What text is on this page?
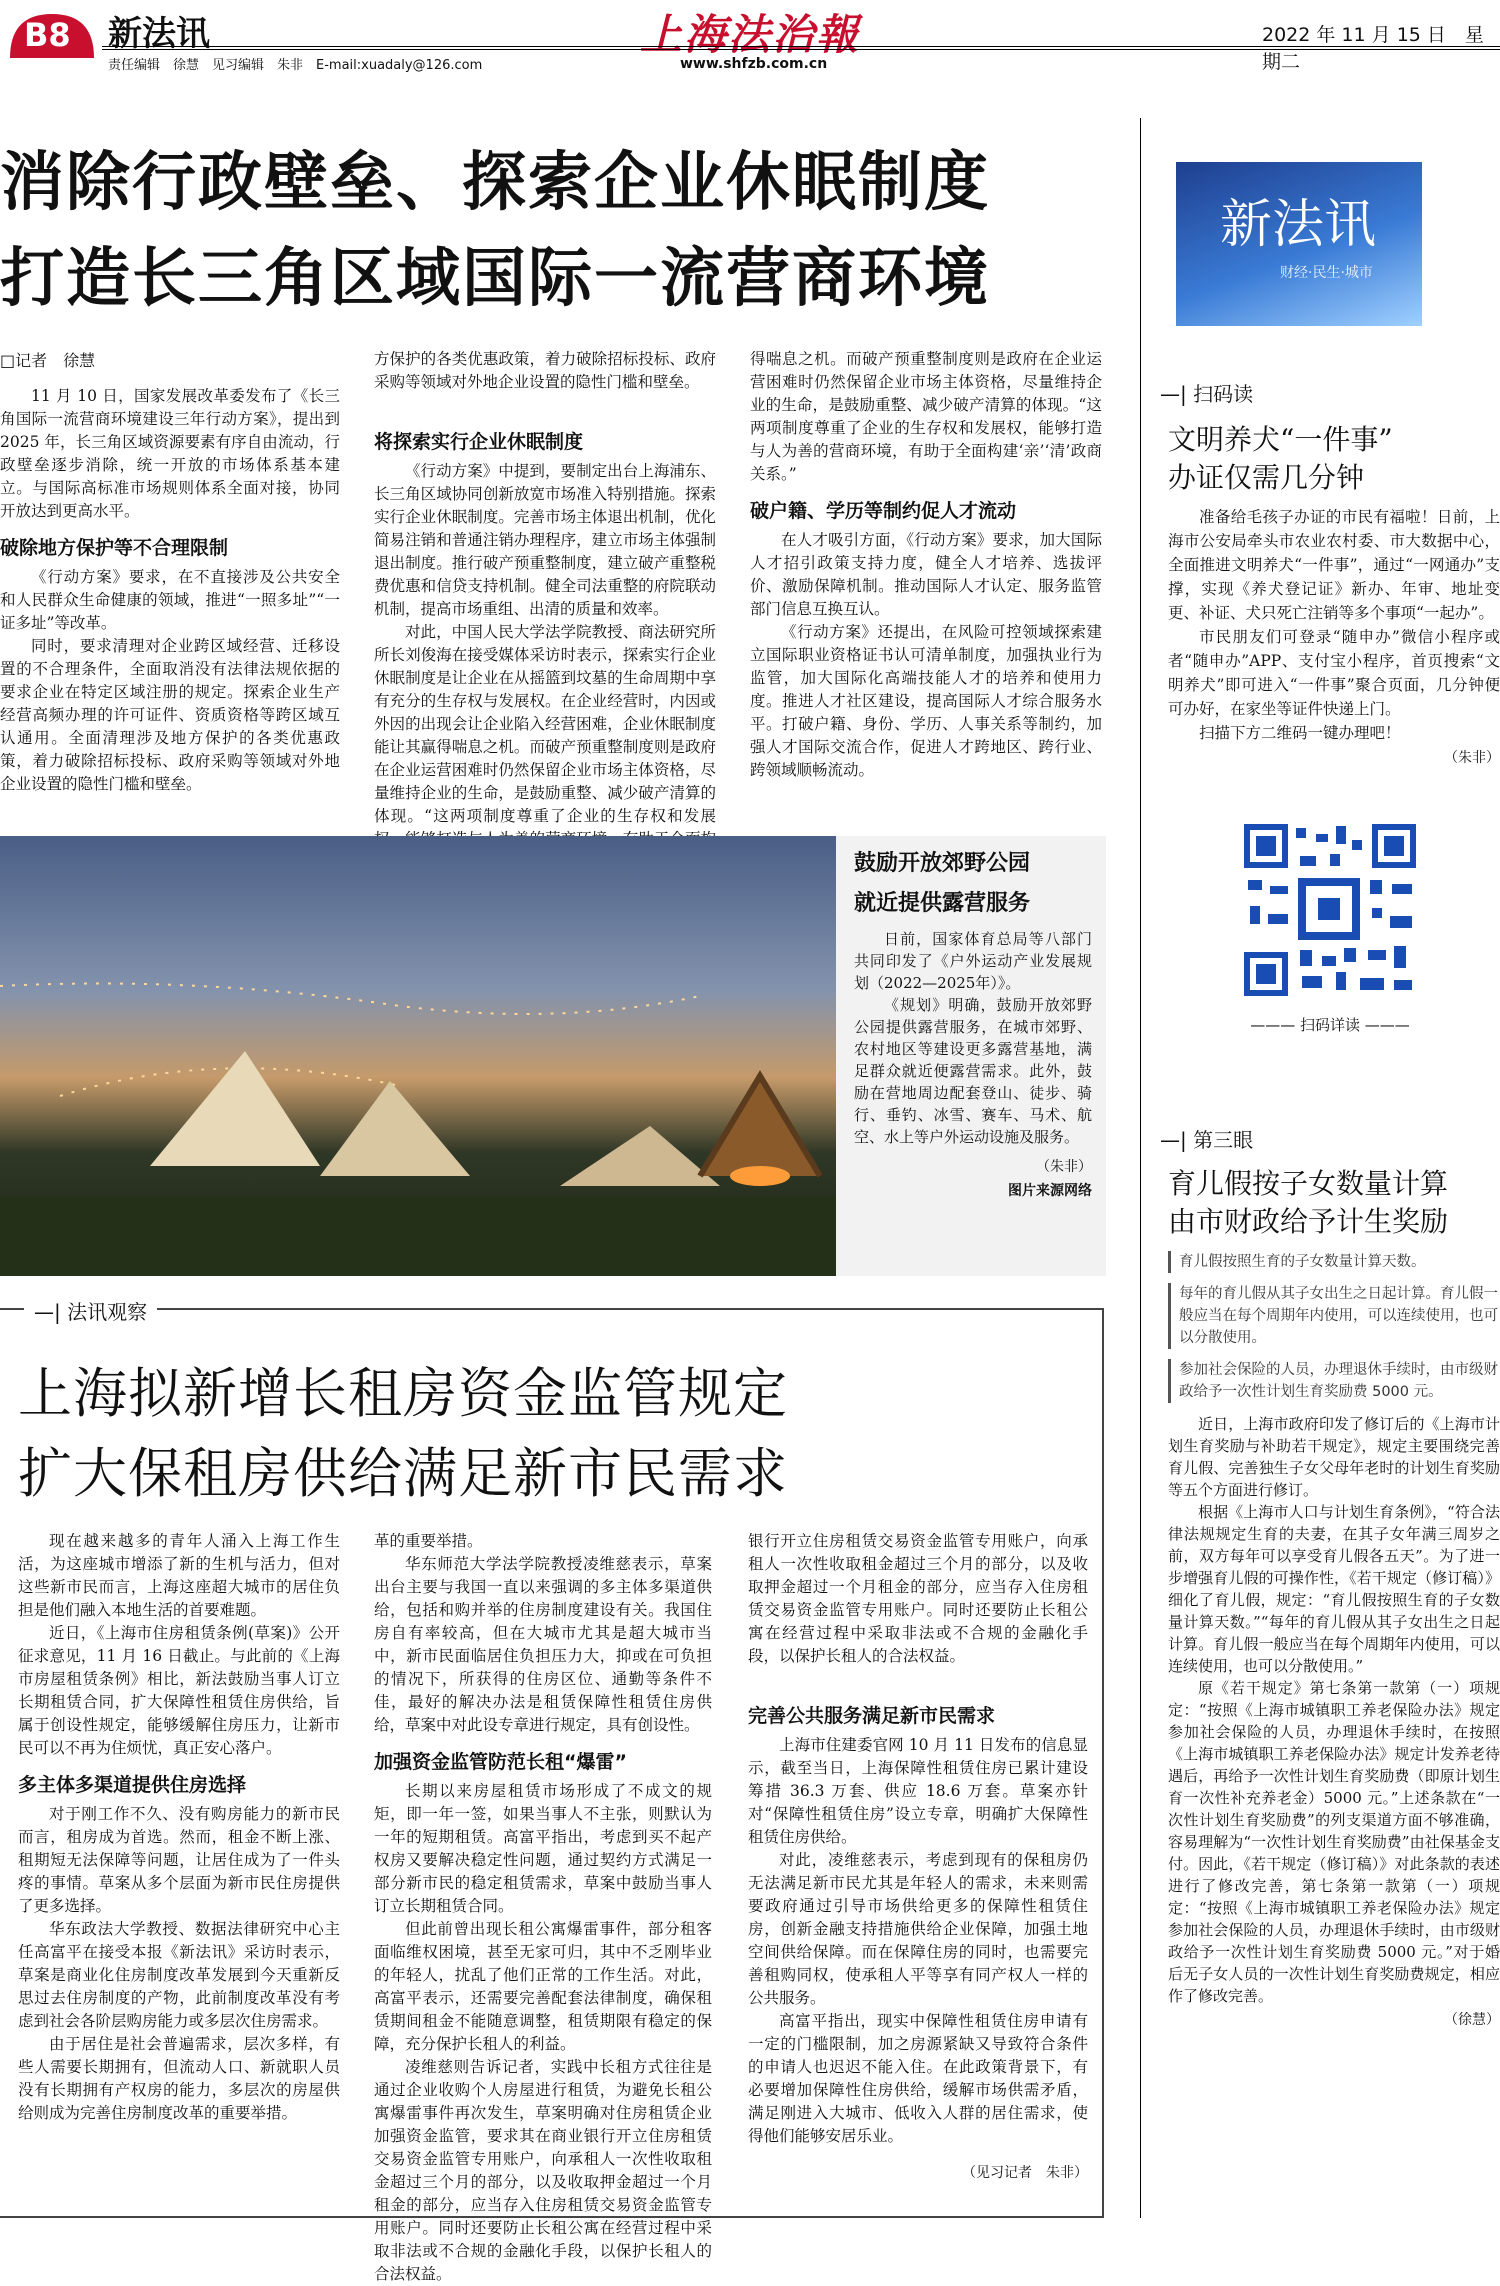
B8 新法讯
责任编辑　徐慧　见习编辑　朱非　E-mail:xuadaly@126.com
上海法治報
www.shfzb.com.cn
2022 年 11 月 15 日　星期二
消除行政壁垒、探索企业休眠制度
打造长三角区域国际一流营商环境
□记者　徐慧

11 月 10 日，国家发展改革委发布了《长三角国际一流营商环境建设三年行动方案》，提出到 2025 年，长三角区域资源要素有序自由流动，行政壁垒逐步消除，统一开放的市场体系基本建立。与国际高标准市场规则体系全面对接，协同开放达到更高水平。

破除地方保护等不合理限制

《行动方案》要求，在不直接涉及公共安全和人民群众生命健康的领域，推进“一照多址”“一证多址”等改革。

同时，要求清理对企业跨区域经营、迁移设置的不合理条件，全面取消没有法律法规依据的要求企业在特定区域注册的规定。探索企业生产经营高频办理的许可证件、资质资格等跨区域互认通用。全面清理涉及地方保护的各类优惠政策，着力破除招标投标、政府采购等领域对外地企业设置的隐性门槛和壁垒。

方保护的各类优惠政策，着力破除招标投标、政府采购等领域对外地企业设置的隐性门槛和壁垒。

将探索实行企业休眠制度

《行动方案》中提到，要制定出台上海浦东、长三角区域协同创新放宽市场准入特别措施。探索实行企业休眠制度。完善市场主体退出机制，优化简易注销和普通注销办理程序，建立市场主体强制退出制度。推行破产预重整制度，建立破产重整税费优惠和信贷支持机制。健全司法重整的府院联动机制，提高市场重组、出清的质量和效率。

对此，中国人民大学法学院教授、商法研究所所长刘俊海在接受媒体采访时表示，探索实行企业休眠制度是让企业在从摇篮到坟墓的生命周期中享有充分的生存权与发展权。在企业经营时，内因或外因的出现会让企业陷入经营困难，企业休眠制度能让其赢得喘息之机。而破产预重整制度则是政府在企业运营困难时仍然保留企业市场主体资格，尽量维持企业的生命，是鼓励重整、减少破产清算的体现。“这两项制度尊重了企业的生存权和发展

得喘息之机。而破产预重整制度则是政府在企业运营困难时仍然保留企业市场主体资格，尽量维持企业的生命，是鼓励重整、减少破产清算的体现。“这两项制度尊重了企业的生存权和发展权，能够打造与人为善的营商环境，有助于全面构建‘亲’‘清’政商关系。”

破户籍、学历等制约促人才流动

在人才吸引方面，《行动方案》要求，加大国际人才招引政策支持力度，健全人才培养、选拔评价、激励保障机制。推动国际人才认定、服务监管部门信息互换互认。

《行动方案》还提出，在风险可控领域探索建立国际职业资格证书认可清单制度，加强执业行为监管，加大国际化高端技能人才的培养和使用力度。推进人才社区建设，提高国际人才综合服务水平。打破户籍、身份、学历、人事关系等制约，加强人才国际交流合作，促进人才跨地区、跨行业、跨领域顺畅流动。

鼓励开放郊野公园
就近提供露营服务

日前，国家体育总局等八部门共同印发了《户外运动产业发展规划（2022—2025年）》。

《规划》明确，鼓励开放郊野公园提供露营服务，在城市郊野、农村地区等建设更多露营基地，满足群众就近便露营需求。此外，鼓励在营地周边配套登山、徒步、骑行、垂钓、冰雪、赛车、马术、航空、水上等户外运动设施及服务。

（朱非）
图片来源网络
—| 法讯观察
上海拟新增长租房资金监管规定
扩大保租房供给满足新市民需求

现在越来越多的青年人涌入上海工作生活，为这座城市增添了新的生机与活力，但对这些新市民而言，上海这座超大城市的居住负担是他们融入本地生活的首要难题。

近日，《上海市住房租赁条例(草案)》公开征求意见，11 月 16 日截止。与此前的《上海市房屋租赁条例》相比，新法鼓励当事人订立长期租赁合同，扩大保障性租赁住房供给，旨属于创设性规定，能够缓解住房压力，让新市民可以不再为住烦忧，真正安心落户。

多主体多渠道提供住房选择

对于刚工作不久、没有购房能力的新市民而言，租房成为首选。然而，租金不断上涨、租期短无法保障等问题，让居住成为了一件头疼的事情。草案从多个层面为新市民住房提供了更多选择。

华东政法大学教授、数据法律研究中心主任高富平在接受本报《新法讯》采访时表示，草案是商业化住房制度改革发展到今天重新反思过去住房制度的产物，此前制度改革没有考虑到社会各阶层购房能力或多层次住房需求。

由于居住是社会普遍需求，层次多样，有些人需要长期拥有，但流动人口、新就职人员没有长期拥有产权房的能力，多层次的房屋供给则成为完善住房制度改革的重要举措。

革的重要举措。

华东师范大学法学院教授凌维慈表示，草案出台主要与我国一直以来强调的多主体多渠道供给，包括和购并举的住房制度建设有关。我国住房自有率较高，但在大城市尤其是超大城市当中，新市民面临居住负担压力大，抑或在可负担的情况下，所获得的住房区位、通勤等条件不佳，最好的解决办法是租赁保障性租赁住房供给，草案中对此设专章进行规定，具有创设性。

加强资金监管防范长租“爆雷”

长期以来房屋租赁市场形成了不成文的规矩，即一年一签，如果当事人不主张，则默认为一年的短期租赁。高富平指出，考虑到买不起产权房又要解决稳定性问题，通过契约方式满足一部分新市民的稳定租赁需求，草案中鼓励当事人订立长期租赁合同。

但此前曾出现长租公寓爆雷事件，部分租客面临维权困境，甚至无家可归，其中不乏刚毕业的年轻人，扰乱了他们正常的工作生活。对此，高富平表示，还需要完善配套法律制度，确保租赁期间租金不能随意调整，租赁期限有稳定的保障，充分保护长租人的利益。

凌维慈则告诉记者，实践中长租方式往往是通过企业收购个人房屋进行租赁，为避免长租公寓爆雷事件再次发生，草案明确对住房租赁企业加强资金监管，要求其在商业银行开立住房租赁交易资金监管专用账户，向承租人一次性收取租金超过三个月的部分，以及收取押金超过一个月租金的部分，应当存入住房租赁交易资金监管专用账户。同时还要防止长租公寓在经营过程中采取非法或不合规的金融化手段，以保护长租人的合法权益。

银行开立住房租赁交易资金监管专用账户，向承租人一次性收取租金超过三个月的部分，以及收取押金超过一个月租金的部分，应当存入住房租赁交易资金监管专用账户。同时还要防止长租公寓在经营过程中采取非法或不合规的金融化手段，以保护长租人的合法权益。

完善公共服务满足新市民需求

上海市住建委官网 10 月 11 日发布的信息显示，截至当日，上海保障性租赁住房已累计建设筹措 36.3 万套、供应 18.6 万套。草案亦针对“保障性租赁住房”设立专章，明确扩大保障性租赁住房供给。

对此，凌维慈表示，考虑到现有的保租房仍无法满足新市民尤其是年轻人的需求，未来则需要政府通过引导市场供给更多的保障性租赁住房，创新金融支持措施供给企业保障，加强土地空间供给保障。而在保障住房的同时，也需要完善租购同权，使承租人平等享有同产权人一样的公共服务。

高富平指出，现实中保障性租赁住房申请有一定的门槛限制，加之房源紧缺又导致符合条件的申请人也迟迟不能入住。在此政策背景下，有必要增加保障性住房供给，缓解市场供需矛盾，满足刚进入大城市、低收入人群的居住需求，使得他们能够安居乐业。

（见习记者　朱非）
新法讯
财经·民生·城市
—| 扫码读
文明养犬“一件事”
办证仅需几分钟

准备给毛孩子办证的市民有福啦！日前，上海市公安局牵头市农业农村委、市大数据中心，全面推进文明养犬“一件事”，通过“一网通办”支撑，实现《养犬登记证》新办、年审、地址变更、补证、犬只死亡注销等多个事项“一起办”。

市民朋友们可登录“随申办”微信小程序或者“随申办”APP、支付宝小程序，首页搜索“文明养犬”即可进入“一件事”聚合页面，几分钟便可办好，在家坐等证件快递上门。

扫描下方二维码一键办理吧！

（朱非）
——— 扫码详读 ———
—| 第三眼
育儿假按子女数量计算
由市财政给予计生奖励
育儿假按照生育的子女数量计算天数。
每年的育儿假从其子女出生之日起计算。育儿假一般应当在每个周期年内使用，可以连续使用，也可以分散使用。
参加社会保险的人员，办理退休手续时，由市级财政给予一次性计划生育奖励费 5000 元。

近日，上海市政府印发了修订后的《上海市计划生育奖励与补助若干规定》，规定主要围绕完善育儿假、完善独生子女父母年老时的计划生育奖励等五个方面进行修订。

根据《上海市人口与计划生育条例》，“符合法律法规规定生育的夫妻，在其子女年满三周岁之前，双方每年可以享受育儿假各五天”。为了进一步增强育儿假的可操作性，《若干规定（修订稿）》细化了育儿假，规定：“育儿假按照生育的子女数量计算天数。”“每年的育儿假从其子女出生之日起计算。育儿假一般应当在每个周期年内使用，可以连续使用，也可以分散使用。”

原《若干规定》第七条第一款第（一）项规定：“按照《上海市城镇职工养老保险办法》规定参加社会保险的人员，办理退休手续时，在按照《上海市城镇职工养老保险办法》规定计发养老待遇后，再给予一次性计划生育奖励费（即原计划生育一次性补充养老金）5000 元。”上述条款在“一次性计划生育奖励费”的列支渠道方面不够准确，容易理解为“一次性计划生育奖励费”由社保基金支付。因此，《若干规定（修订稿）》对此条款的表述进行了修改完善，第七条第一款第（一）项规定：“按照《上海市城镇职工养老保险办法》规定参加社会保险的人员，办理退休手续时，由市级财政给予一次性计划生育奖励费 5000 元。”对于婚后无子女人员的一次性计划生育奖励费规定，相应作了修改完善。

（徐慧）
